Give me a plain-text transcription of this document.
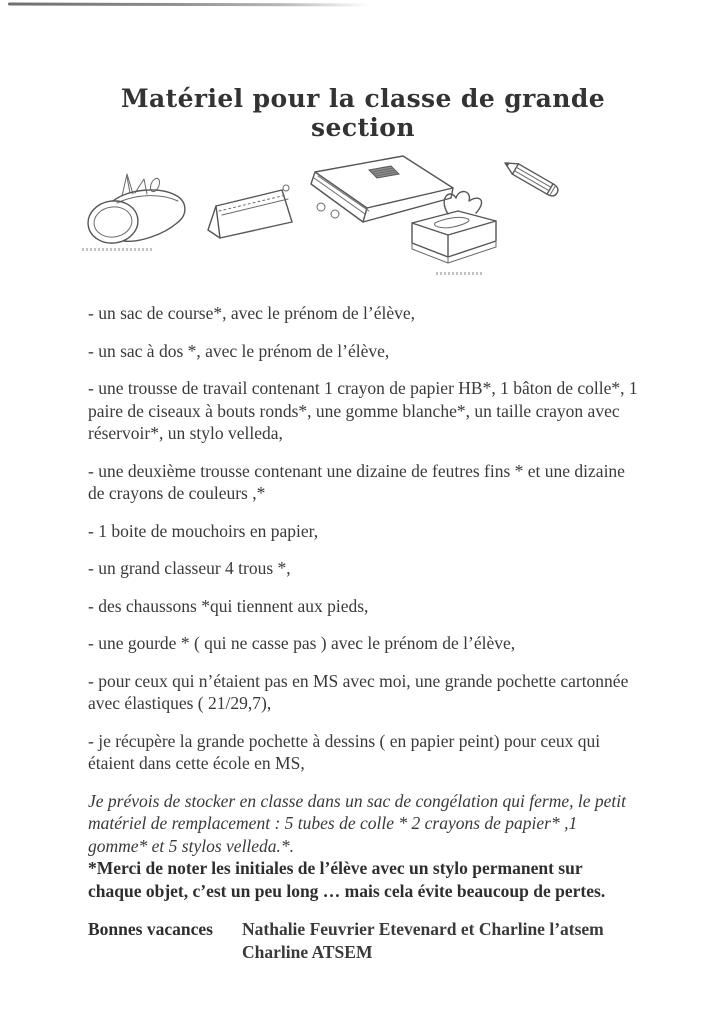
Matériel pour la classe de grande section

- un sac de course*, avec le prénom de l’élève,

- un sac à dos *, avec le prénom de l’élève,

- une trousse de travail contenant 1 crayon de papier HB*, 1 bâton de colle*, 1 paire de ciseaux à bouts ronds*, une gomme blanche*, un taille crayon avec réservoir*, un stylo velleda,

- une deuxième trousse contenant une dizaine de feutres fins * et une dizaine de crayons de couleurs ,*

- 1 boite de mouchoirs en papier,

- un grand classeur 4 trous *,

- des chaussons *qui tiennent aux pieds,

- une gourde * ( qui ne casse pas ) avec le prénom de l’élève,

- pour ceux qui n’étaient pas en MS avec moi, une grande pochette cartonnée avec élastiques ( 21/29,7),

- je récupère la grande pochette à dessins ( en papier peint) pour ceux qui étaient dans cette école en MS,

Je prévois de stocker en classe dans un sac de congélation qui ferme, le petit matériel de remplacement : 5 tubes de colle * 2 crayons de papier* ,1 gomme* et 5 stylos velleda.*.

*Merci de noter les initiales de l’élève avec un stylo permanent sur chaque objet, c’est un peu long … mais cela évite beaucoup de pertes.

Bonnes vacances	Nathalie Feuvrier Etevenard et Charline l’atsem

Charline ATSEM
